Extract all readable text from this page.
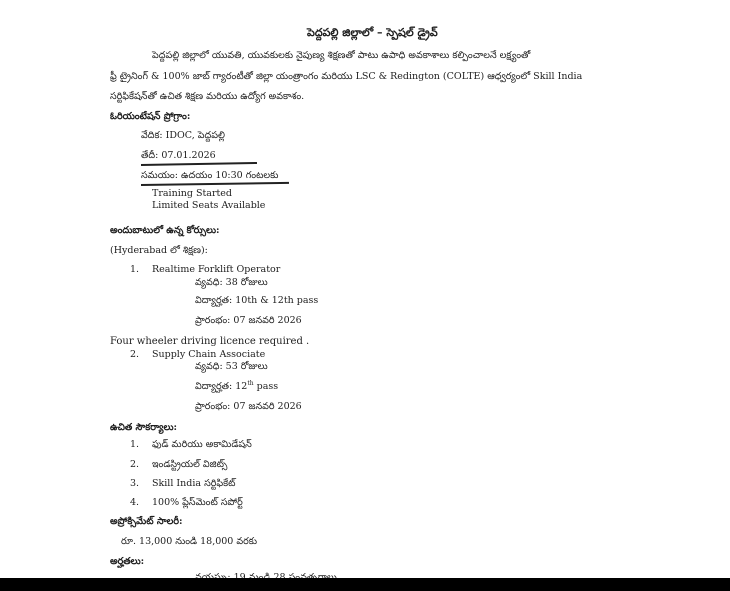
పెద్దపల్లి జిల్లాలో – స్పెషల్ డ్రైవ్
పెద్దపల్లి జిల్లాలో యువతి, యువకులకు నైపుణ్య శిక్షణతో పాటు ఉపాధి అవకాశాలు కల్పించాలనే లక్ష్యంతో
ఫ్రీ ట్రైనింగ్ & 100% జాబ్ గ్యారంటీతో జిల్లా యంత్రాంగం మరియు LSC & Redington (COLTE) ఆధ్వర్యంలో Skill India
సర్టిఫికేషన్‌తో ఉచిత శిక్షణ మరియు ఉద్యోగ అవకాశం.
ఓరియంటేషన్ ప్రోగ్రాం:
వేదిక: IDOC, పెద్దపల్లి
తేదీ: 07.01.2026
సమయం: ఉదయం 10:30 గంటలకు
Training Started
Limited Seats Available
అందుబాటులో ఉన్న కోర్సులు:
(Hyderabad లో శిక్షణ):
1. Realtime Forklift Operator
వ్యవధి: 38 రోజులు
విద్యార్హత: 10th & 12th pass
ప్రారంభం: 07 జనవరి 2026
Four wheeler driving licence required .
2. Supply Chain Associate
వ్యవధి: 53 రోజులు
విద్యార్హత: 12th pass
ప్రారంభం: 07 జనవరి 2026
ఉచిత సౌకర్యాలు:
1. ఫుడ్ మరియు అకామిడేషన్
2. ఇండస్ట్రియల్ విజిట్స్
3. Skill India సర్టిఫికేట్
4. 100% ప్లేస్‌మెంట్ సపోర్ట్
అప్రోక్సిమేట్ సాలరీ:
రూ. 13,000 నుండి 18,000 వరకు
అర్హతలు:
